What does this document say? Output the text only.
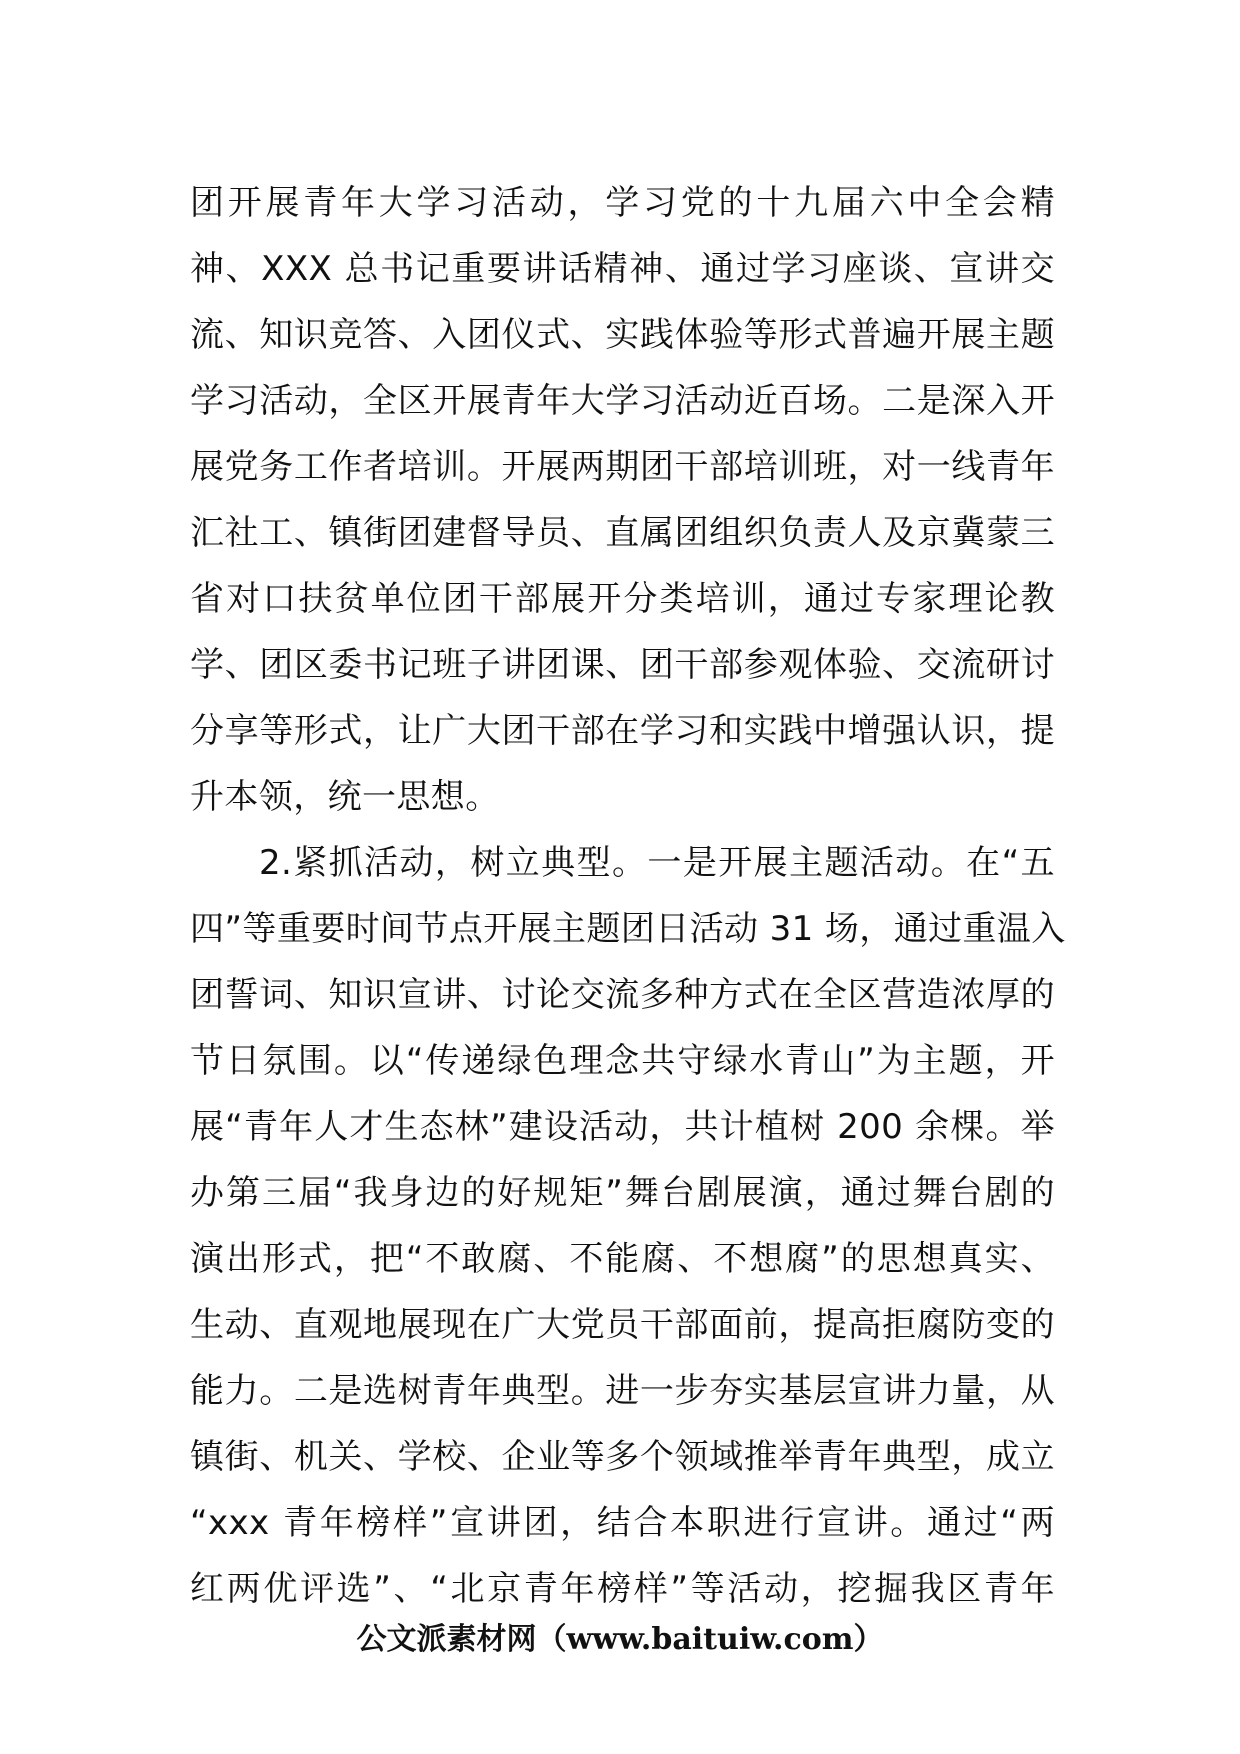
团开展青年大学习活动，学习党的十九届六中全会精
神、XXX 总书记重要讲话精神、通过学习座谈、宣讲交
流、知识竞答、入团仪式、实践体验等形式普遍开展主题
学习活动，全区开展青年大学习活动近百场。二是深入开
展党务工作者培训。开展两期团干部培训班，对一线青年
汇社工、镇街团建督导员、直属团组织负责人及京冀蒙三
省对口扶贫单位团干部展开分类培训，通过专家理论教
学、团区委书记班子讲团课、团干部参观体验、交流研讨
分享等形式，让广大团干部在学习和实践中增强认识，提
升本领，统一思想。
2.紧抓活动，树立典型。一是开展主题活动。在“五
四”等重要时间节点开展主题团日活动 31 场，通过重温入
团誓词、知识宣讲、讨论交流多种方式在全区营造浓厚的
节日氛围。以“传递绿色理念共守绿水青山”为主题，开
展“青年人才生态林”建设活动，共计植树 200 余棵。举
办第三届“我身边的好规矩”舞台剧展演，通过舞台剧的
演出形式，把“不敢腐、不能腐、不想腐”的思想真实、
生动、直观地展现在广大党员干部面前，提高拒腐防变的
能力。二是选树青年典型。进一步夯实基层宣讲力量，从
镇街、机关、学校、企业等多个领域推举青年典型，成立
“xxx 青年榜样”宣讲团，结合本职进行宣讲。通过“两
红两优评选”、“北京青年榜样”等活动，挖掘我区青年
公文派素材网（www.baituiw.com）
